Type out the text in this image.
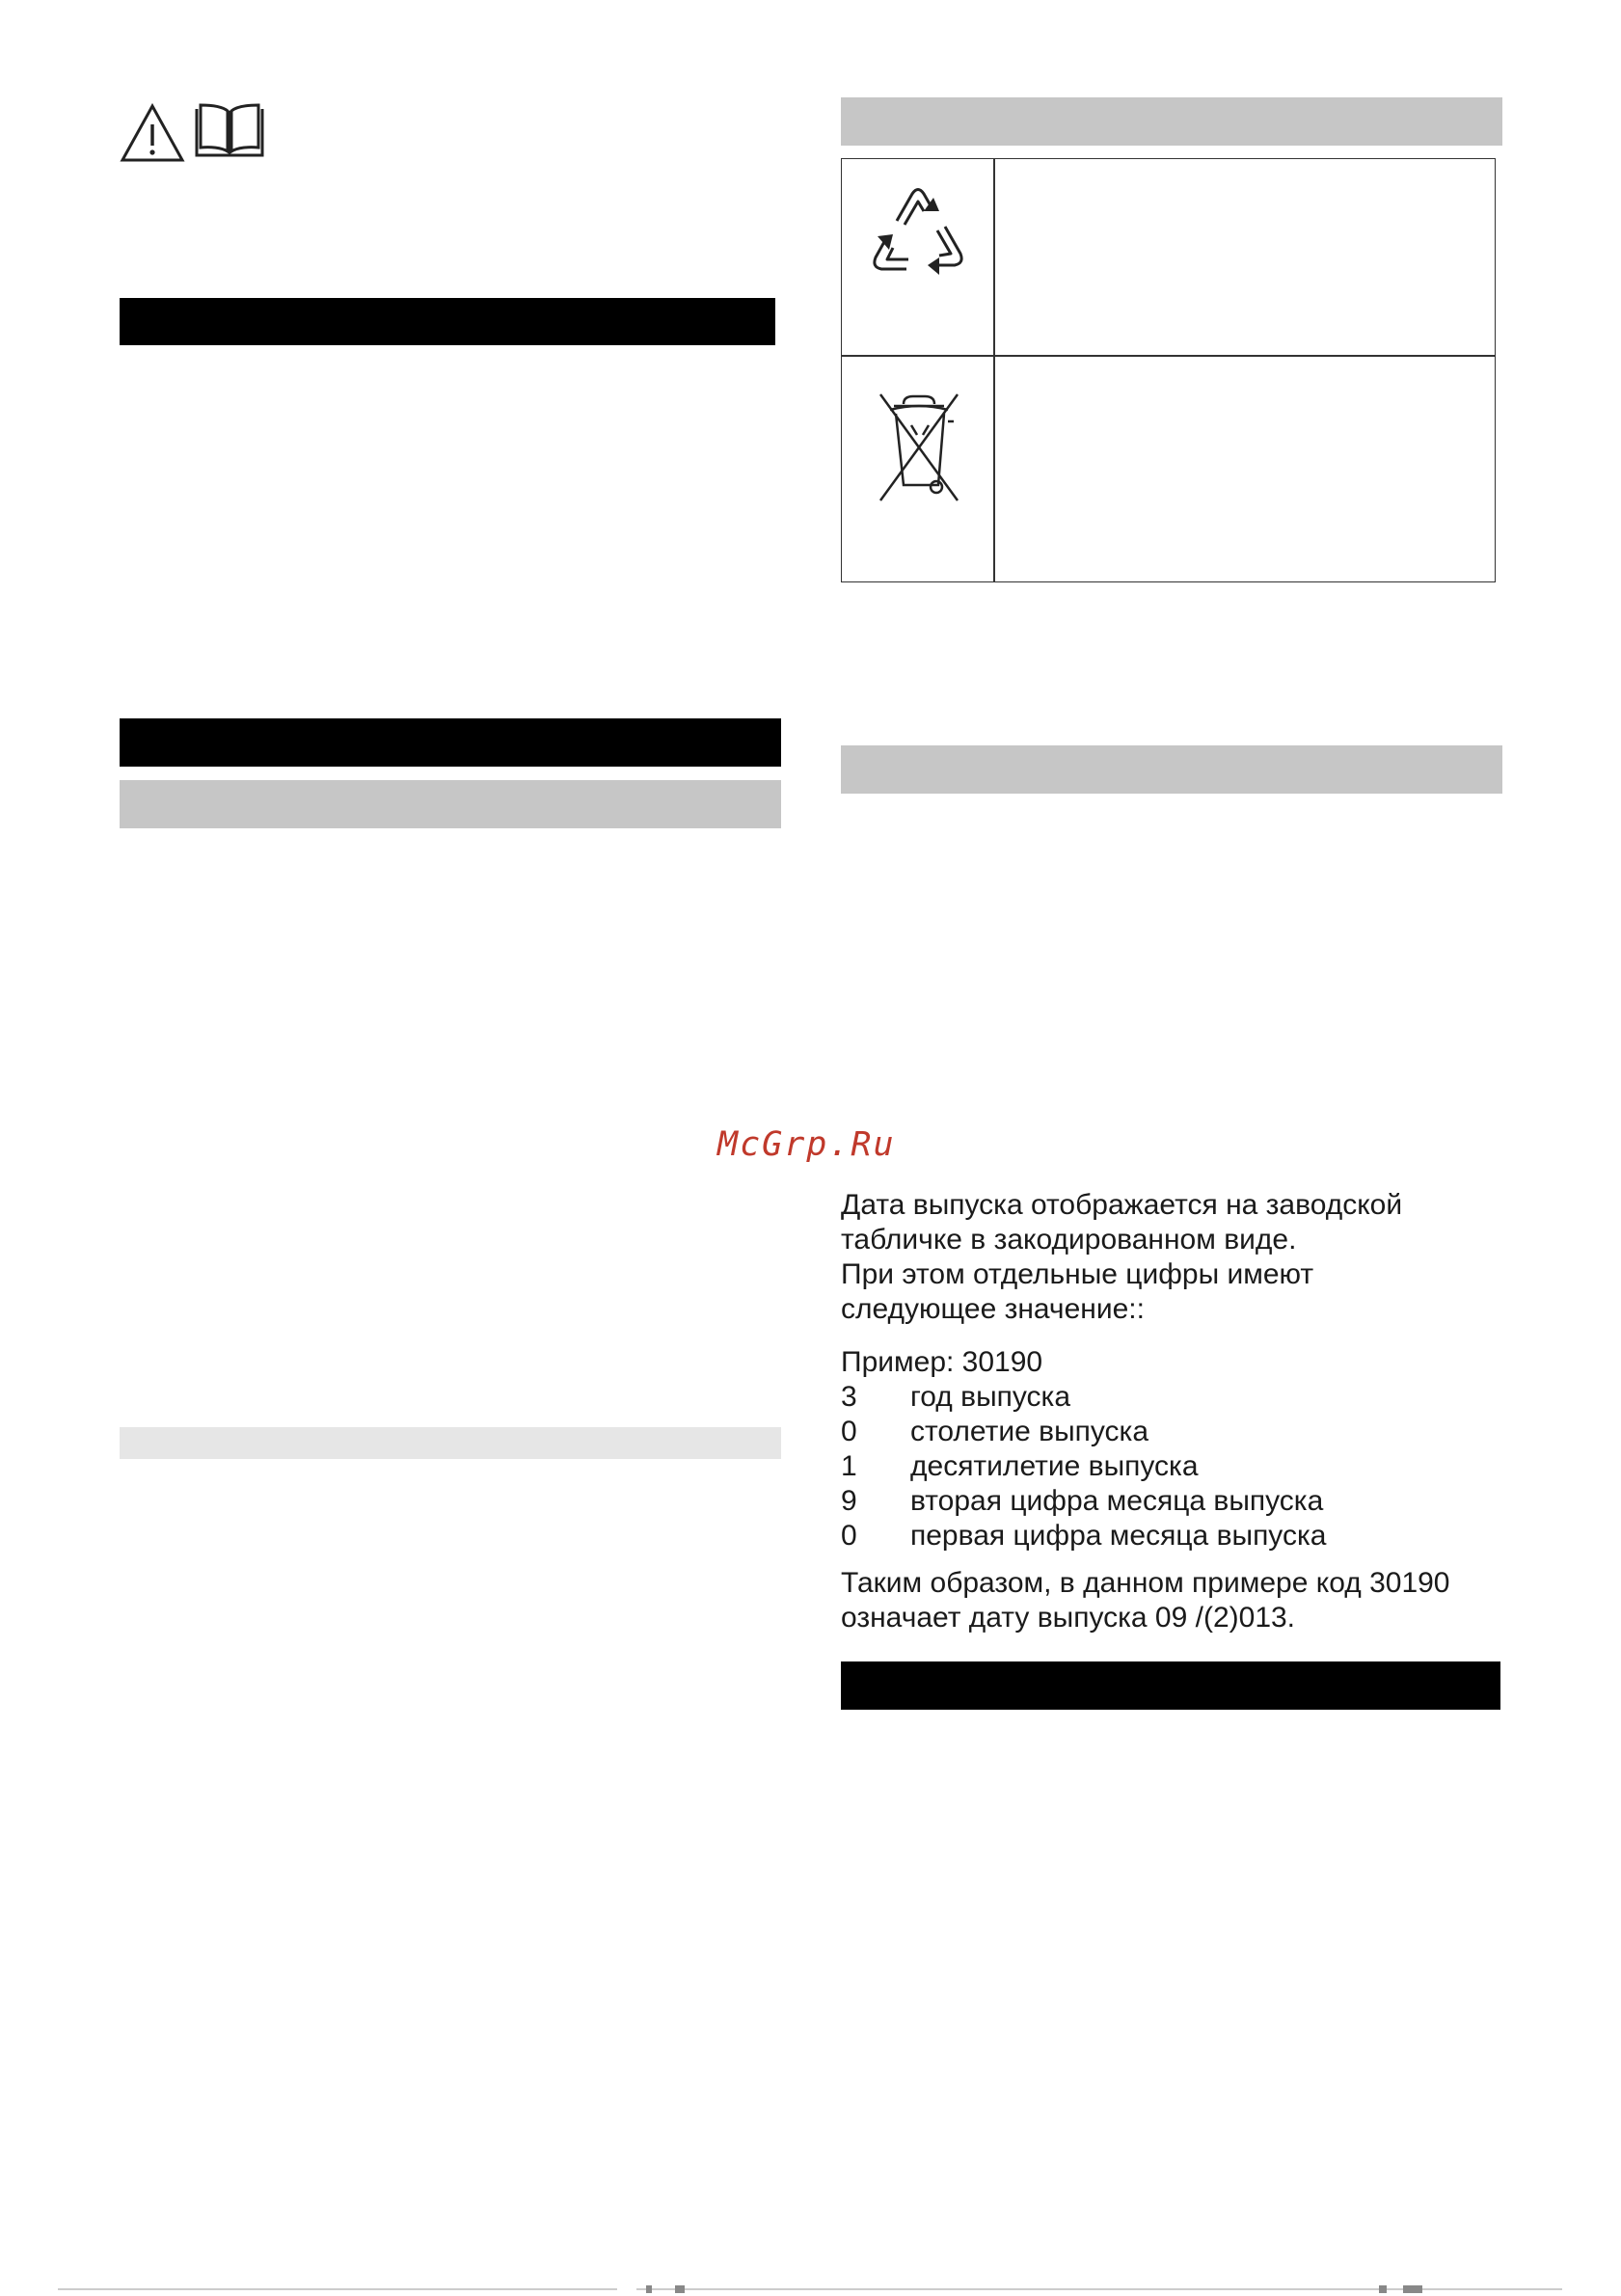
McGrp.Ru
Дата выпуска отображается на заводской
табличке в закодированном виде.
При этом отдельные цифры имеют
следующее значение::
Пример: 30190
3	год выпуска
0	столетие выпуска
1	десятилетие выпуска
9	вторая цифра месяца выпуска
0	первая цифра месяца выпуска
Таким образом, в данном примере код 30190
означает дату выпуска 09 /(2)013.
